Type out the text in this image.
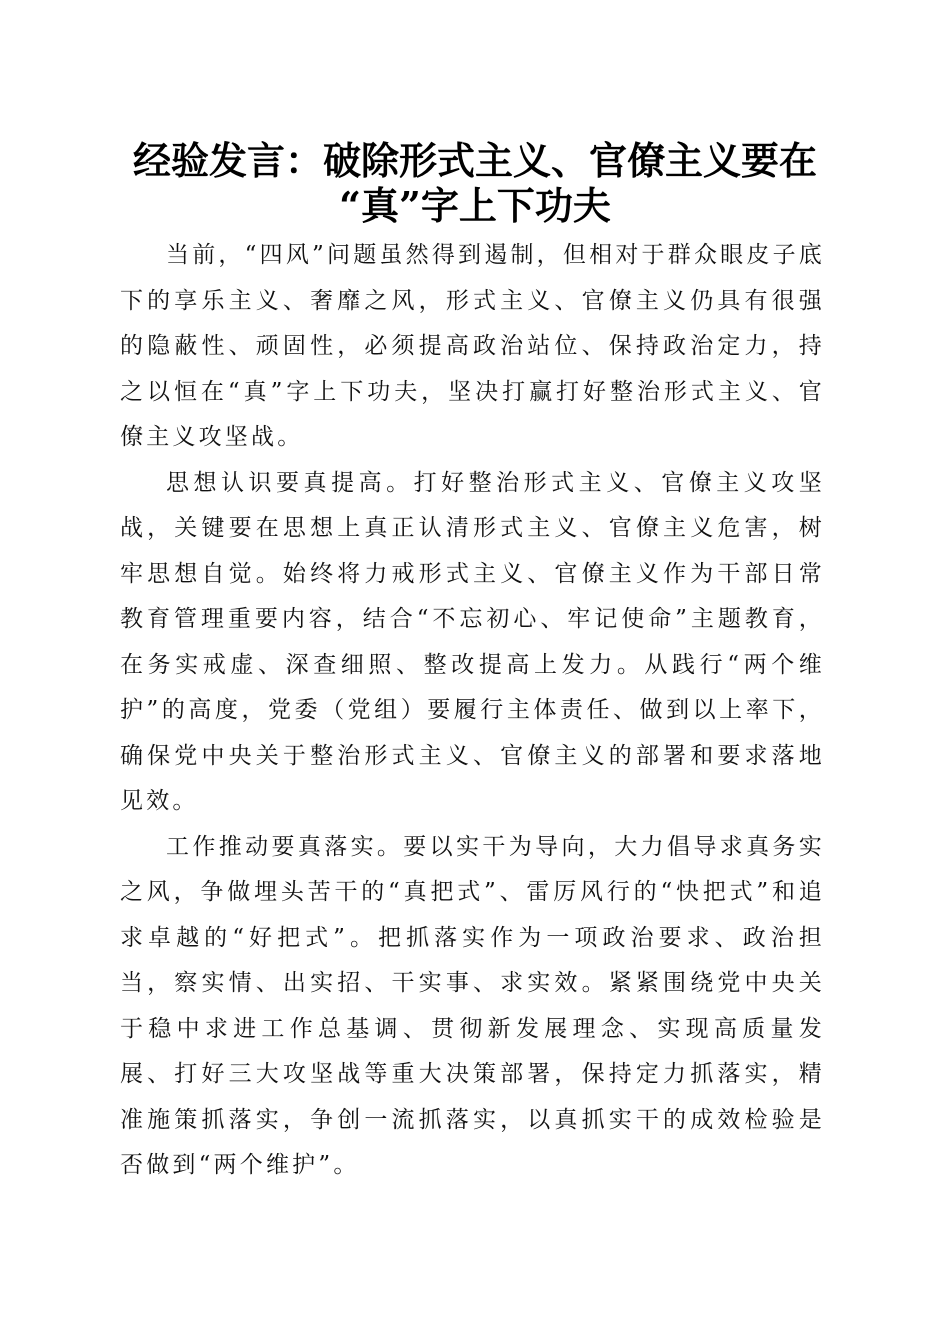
经验发言：破除形式主义、官僚主义要在
“真”字上下功夫

当前，“四风”问题虽然得到遏制，但相对于群众眼皮子底下的享乐主义、奢靡之风，形式主义、官僚主义仍具有很强的隐蔽性、顽固性，必须提高政治站位、保持政治定力，持之以恒在“真”字上下功夫，坚决打赢打好整治形式主义、官僚主义攻坚战。

思想认识要真提高。打好整治形式主义、官僚主义攻坚战，关键要在思想上真正认清形式主义、官僚主义危害，树牢思想自觉。始终将力戒形式主义、官僚主义作为干部日常教育管理重要内容，结合“不忘初心、牢记使命”主题教育，在务实戒虚、深查细照、整改提高上发力。从践行“两个维护”的高度，党委（党组）要履行主体责任、做到以上率下，确保党中央关于整治形式主义、官僚主义的部署和要求落地见效。

工作推动要真落实。要以实干为导向，大力倡导求真务实之风，争做埋头苦干的“真把式”、雷厉风行的“快把式”和追求卓越的“好把式”。把抓落实作为一项政治要求、政治担当，察实情、出实招、干实事、求实效。紧紧围绕党中央关于稳中求进工作总基调、贯彻新发展理念、实现高质量发展、打好三大攻坚战等重大决策部署，保持定力抓落实，精准施策抓落实，争创一流抓落实，以真抓实干的成效检验是否做到“两个维护”。
